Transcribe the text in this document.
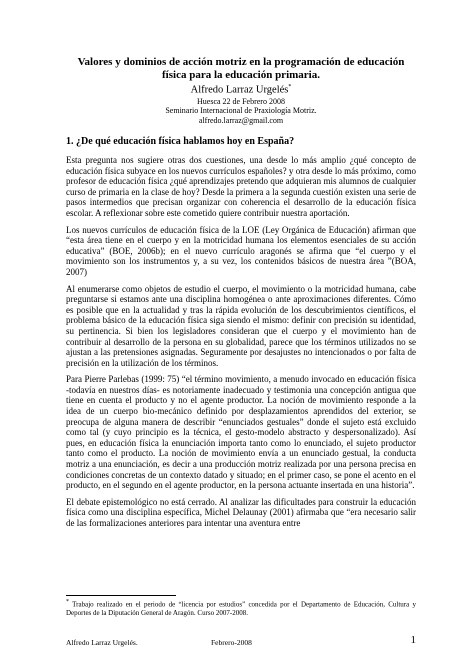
Valores y dominios de acción motriz en la programación de educación

física para la educación primaria.

Alfredo Larraz Urgelés*

Huesca 22 de Febrero 2008

Seminario Internacional de Praxiología Motriz.

alfredo.larraz@gmail.com

1. ¿De qué educación física hablamos hoy en España?

Esta pregunta nos sugiere otras dos cuestiones, una desde lo más amplio ¿qué concepto de educación física subyace en los nuevos currículos españoles? y otra desde lo más próximo, como profesor de educación física ¿qué aprendizajes pretendo que adquieran mis alumnos de cualquier curso de primaria en la clase de hoy? Desde la primera a la segunda cuestión existen una serie de pasos intermedios que precisan organizar con coherencia el desarrollo de la educación física escolar. A reflexionar sobre este cometido quiere contribuir nuestra aportación.

Los nuevos currículos de educación física de la LOE (Ley Orgánica de Educación) afirman que “esta área tiene en el cuerpo y en la motricidad humana los elementos esenciales de su acción educativa” (BOE, 2006b); en el nuevo currículo aragonés se afirma que “el cuerpo y el movimiento son los instrumentos y, a su vez, los contenidos básicos de nuestra área ”(BOA, 2007)

Al enumerarse como objetos de estudio el cuerpo, el movimiento o la motricidad humana, cabe preguntarse si estamos ante una disciplina homogénea o ante aproximaciones diferentes. Cómo es posible que en la actualidad y tras la rápida evolución de los descubrimientos científicos, el problema básico de la educación física siga siendo el mismo: definir con precisión su identidad, su pertinencia. Si bien los legisladores consideran que el cuerpo y el movimiento han de contribuir al desarrollo de la persona en su globalidad, parece que los términos utilizados no se ajustan a las pretensiones asignadas. Seguramente por desajustes no intencionados o por falta de precisión en la utilización de los términos.

Para Pierre Parlebas (1999: 75) “el término movimiento, a menudo invocado en educación física -todavía en nuestros días- es notoriamente inadecuado y testimonia una concepción antigua que tiene en cuenta el producto y no el agente productor. La noción de movimiento responde a la idea de un cuerpo bio-mecánico definido por desplazamientos aprendidos del exterior, se preocupa de alguna manera de describir “enunciados gestuales” donde el sujeto está excluido como tal (y cuyo principio es la técnica, el gesto-modelo abstracto y despersonalizado). Así pues, en educación física la enunciación importa tanto como lo enunciado, el sujeto productor tanto como el producto. La noción de movimiento envía a un enunciado gestual, la conducta motriz a una enunciación, es decir a una producción motriz realizada por una persona precisa en condiciones concretas de un contexto datado y situado; en el primer caso, se pone el acento en el producto, en el segundo en el agente productor, en la persona actuante insertada en una historia”.

El debate epistemológico no está cerrado. Al analizar las dificultades para construir la educación física como una disciplina específica, Michel Delaunay (2001) afirmaba que “era necesario salir de las formalizaciones anteriores para intentar una aventura entre

* Trabajo realizado en el periodo de “licencia por estudios” concedida por el Departamento de Educación, Cultura y Deportes de la Diputación General de Aragón. Curso 2007-2008.
Alfredo Larraz Urgelés.	Febrero-2008	1
